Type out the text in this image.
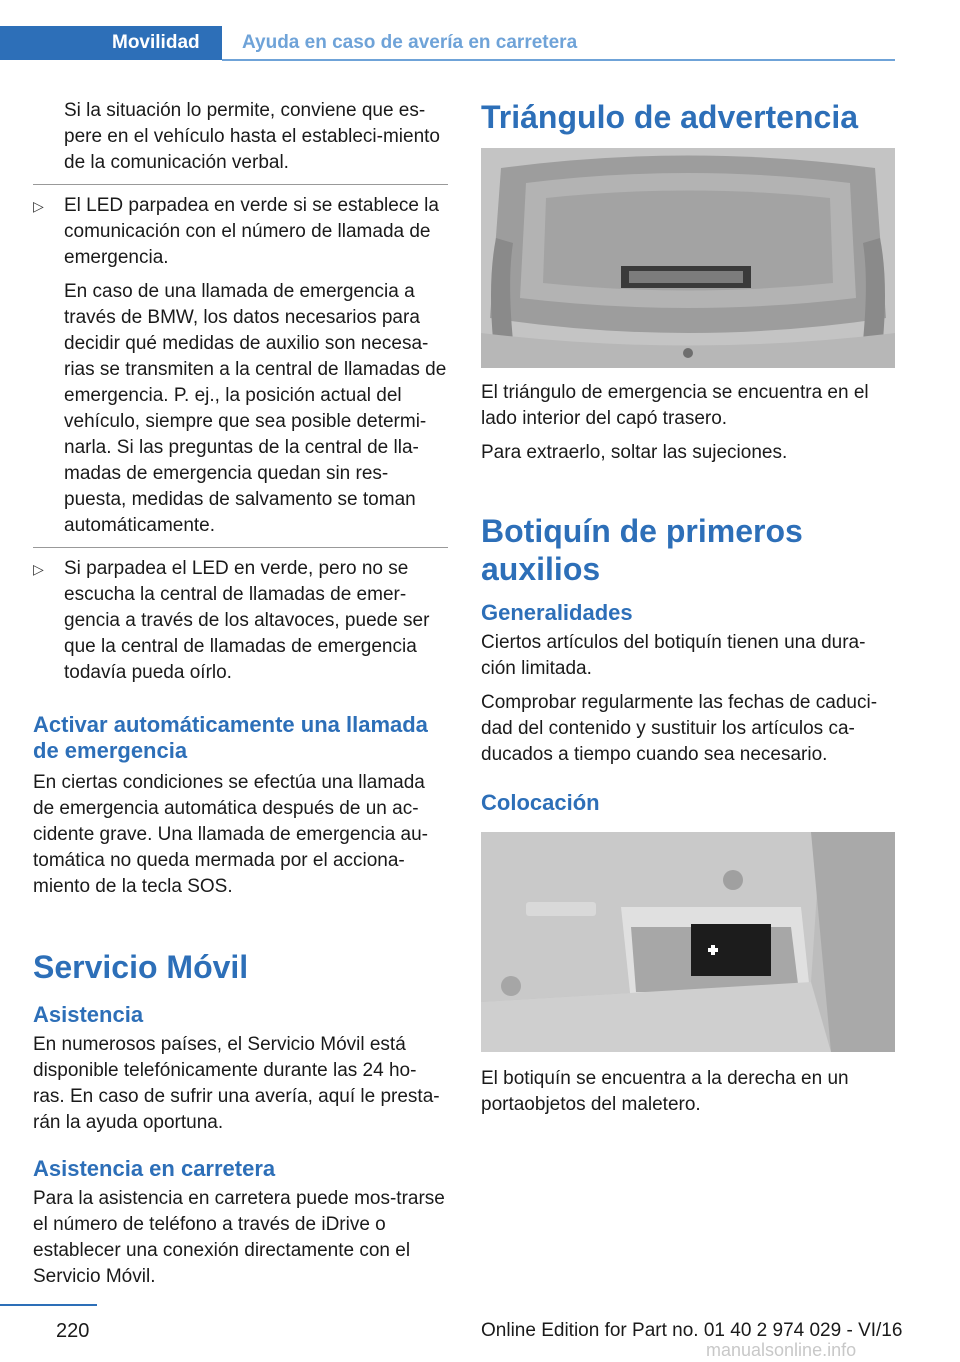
Movilidad Ayuda en caso de avería en carretera

Si la situación lo permite, conviene que es-pere en el vehículo hasta el estableci-miento de la comunicación verbal.

▷ El LED parpadea en verde si se establece la comunicación con el número de llamada de emergencia.

En caso de una llamada de emergencia a través de BMW, los datos necesarios para decidir qué medidas de auxilio son necesa-rias se transmiten a la central de llamadas de emergencia. P. ej., la posición actual del vehículo, siempre que sea posible determi-narla. Si las preguntas de la central de lla-madas de emergencia quedan sin res-puesta, medidas de salvamento se toman automáticamente.

▷ Si parpadea el LED en verde, pero no se escucha la central de llamadas de emer-gencia a través de los altavoces, puede ser que la central de llamadas de emergencia todavía pueda oírlo.

Activar automáticamente una llamada de emergencia

En ciertas condiciones se efectúa una llamada de emergencia automática después de un ac-cidente grave. Una llamada de emergencia au-tomática no queda mermada por el acciona-miento de la tecla SOS.

Servicio Móvil
Asistencia

En numerosos países, el Servicio Móvil está disponible telefónicamente durante las 24 ho-ras. En caso de sufrir una avería, aquí le presta-rán la ayuda oportuna.

Asistencia en carretera

Para la asistencia en carretera puede mos-trarse el número de teléfono a través de iDrive o establecer una conexión directamente con el Servicio Móvil.

Triángulo de advertencia

El triángulo de emergencia se encuentra en el lado interior del capó trasero.

Para extraerlo, soltar las sujeciones.

Botiquín de primeros auxilios
Generalidades

Ciertos artículos del botiquín tienen una dura-ción limitada.

Comprobar regularmente las fechas de caduci-dad del contenido y sustituir los artículos ca-ducados a tiempo cuando sea necesario.

Colocación

El botiquín se encuentra a la derecha en un portaobjetos del maletero.

220	Online Edition for Part no. 01 40 2 974 029 - VI/16
manualsonline.info
